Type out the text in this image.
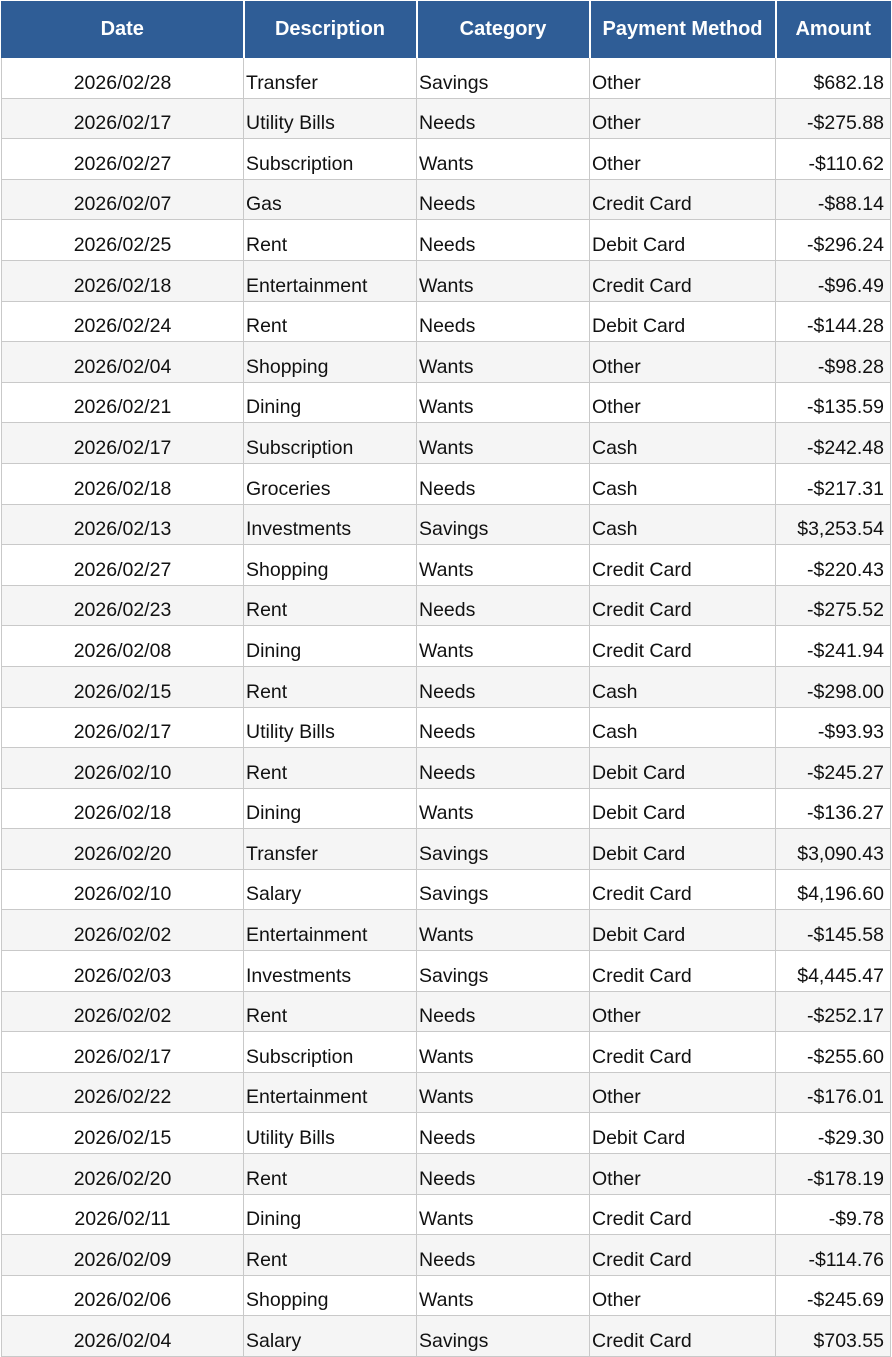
Date	Description	Category	Payment Method	Amount
2026/02/28	Transfer	Savings	Other	$682.18
2026/02/17	Utility Bills	Needs	Other	-$275.88
2026/02/27	Subscription	Wants	Other	-$110.62
2026/02/07	Gas	Needs	Credit Card	-$88.14
2026/02/25	Rent	Needs	Debit Card	-$296.24
2026/02/18	Entertainment	Wants	Credit Card	-$96.49
2026/02/24	Rent	Needs	Debit Card	-$144.28
2026/02/04	Shopping	Wants	Other	-$98.28
2026/02/21	Dining	Wants	Other	-$135.59
2026/02/17	Subscription	Wants	Cash	-$242.48
2026/02/18	Groceries	Needs	Cash	-$217.31
2026/02/13	Investments	Savings	Cash	$3,253.54
2026/02/27	Shopping	Wants	Credit Card	-$220.43
2026/02/23	Rent	Needs	Credit Card	-$275.52
2026/02/08	Dining	Wants	Credit Card	-$241.94
2026/02/15	Rent	Needs	Cash	-$298.00
2026/02/17	Utility Bills	Needs	Cash	-$93.93
2026/02/10	Rent	Needs	Debit Card	-$245.27
2026/02/18	Dining	Wants	Debit Card	-$136.27
2026/02/20	Transfer	Savings	Debit Card	$3,090.43
2026/02/10	Salary	Savings	Credit Card	$4,196.60
2026/02/02	Entertainment	Wants	Debit Card	-$145.58
2026/02/03	Investments	Savings	Credit Card	$4,445.47
2026/02/02	Rent	Needs	Other	-$252.17
2026/02/17	Subscription	Wants	Credit Card	-$255.60
2026/02/22	Entertainment	Wants	Other	-$176.01
2026/02/15	Utility Bills	Needs	Debit Card	-$29.30
2026/02/20	Rent	Needs	Other	-$178.19
2026/02/11	Dining	Wants	Credit Card	-$9.78
2026/02/09	Rent	Needs	Credit Card	-$114.76
2026/02/06	Shopping	Wants	Other	-$245.69
2026/02/04	Salary	Savings	Credit Card	$703.55
